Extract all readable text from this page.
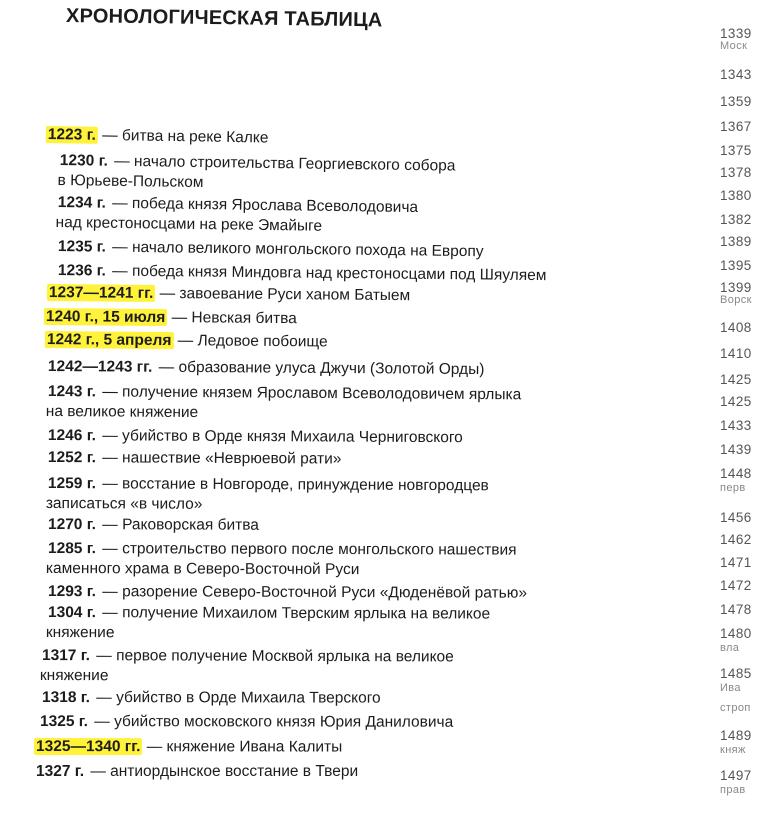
ХРОНОЛОГИЧЕСКАЯ ТАБЛИЦА
1223 г. — битва на реке Калке
1230 г. — начало строительства Георгиевского собора
в Юрьеве-Польском
1234 г. — победа князя Ярослава Всеволодовича
над крестоносцами на реке Эмайыге
1235 г. — начало великого монгольского похода на Европу
1236 г. — победа князя Миндовга над крестоносцами под Шяуляем
1237—1241 гг. — завоевание Руси ханом Батыем
1240 г., 15 июля — Невская битва
1242 г., 5 апреля — Ледовое побоище
1242—1243 гг. — образование улуса Джучи (Золотой Орды)
1243 г. — получение князем Ярославом Всеволодовичем ярлыка
на великое княжение
1246 г. — убийство в Орде князя Михаила Черниговского
1252 г. — нашествие «Неврюевой рати»
1259 г. — восстание в Новгороде, принуждение новгородцев
записаться «в число»
1270 г. — Раковорская битва
1285 г. — строительство первого после монгольского нашествия
каменного храма в Северо-Восточной Руси
1293 г. — разорение Северо-Восточной Руси «Дюденёвой ратью»
1304 г. — получение Михаилом Тверским ярлыка на великое
княжение
1317 г. — первое получение Москвой ярлыка на великое
княжение
1318 г. — убийство в Орде Михаила Тверского
1325 г. — убийство московского князя Юрия Даниловича
1325—1340 гг. — княжение Ивана Калиты
1327 г. — антиордынское восстание в Твери
1339
Моск
1343
1359
1367
1375
1378
1380
1382
1389
1395
1399
Ворск
1408
1410
1425
1425
1433
1439
1448
перв
1456
1462
1471
1472
1478
1480
вла
1485
Ива
строп
1489
княж
1497
прав
